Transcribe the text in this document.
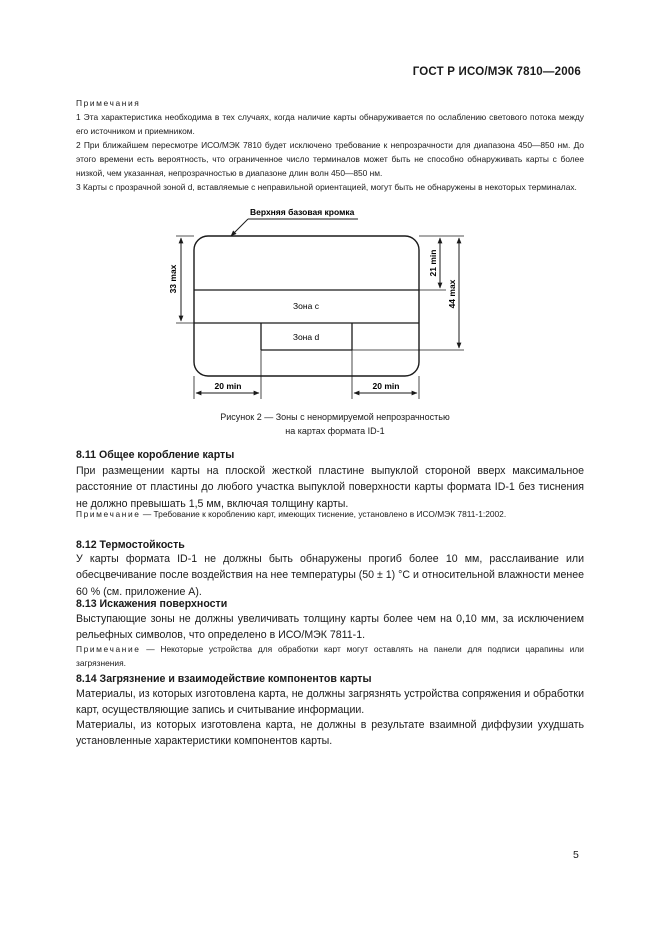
ГОСТ Р ИСО/МЭК 7810—2006
Примечания
1 Эта характеристика необходима в тех случаях, когда наличие карты обнаруживается по ослаблению светового потока между его источником и приемником.
2 При ближайшем пересмотре ИСО/МЭК 7810 будет исключено требование к непрозрачности для диапазона 450—850 нм. До этого времени есть вероятность, что ограниченное число терминалов может быть не способно обнаруживать карты с более низкой, чем указанная, непрозрачностью в диапазоне длин волн 450—850 нм.
3 Карты с прозрачной зоной d, вставляемые с неправильной ориентацией, могут быть не обнаружены в некоторых терминалах.
Верхняя базовая кромка
Зона c
Зона d
33 max
21 min
44 max
20 min	20 min
Рисунок 2 — Зоны с ненормируемой непрозрачностью
на картах формата ID-1
8.11 Общее коробление карты
При размещении карты на плоской жесткой пластине выпуклой стороной вверх максимальное расстояние от пластины до любого участка выпуклой поверхности карты формата ID-1 без тиснения не должно превышать 1,5 мм, включая толщину карты.
Примечание — Требование к короблению карт, имеющих тиснение, установлено в ИСО/МЭК 7811-1:2002.
8.12 Термостойкость
У карты формата ID-1 не должны быть обнаружены прогиб более 10 мм, расслаивание или обесцвечивание после воздействия на нее температуры (50 ± 1) °С и относительной влажности менее 60 % (см. приложение А).
8.13 Искажения поверхности
Выступающие зоны не должны увеличивать толщину карты более чем на 0,10 мм, за исключением рельефных символов, что определено в ИСО/МЭК 7811-1.
Примечание — Некоторые устройства для обработки карт могут оставлять на панели для подписи царапины или загрязнения.
8.14 Загрязнение и взаимодействие компонентов карты
Материалы, из которых изготовлена карта, не должны загрязнять устройства сопряжения и обработки карт, осуществляющие запись и считывание информации.
Материалы, из которых изготовлена карта, не должны в результате взаимной диффузии ухудшать установленные характеристики компонентов карты.
5
